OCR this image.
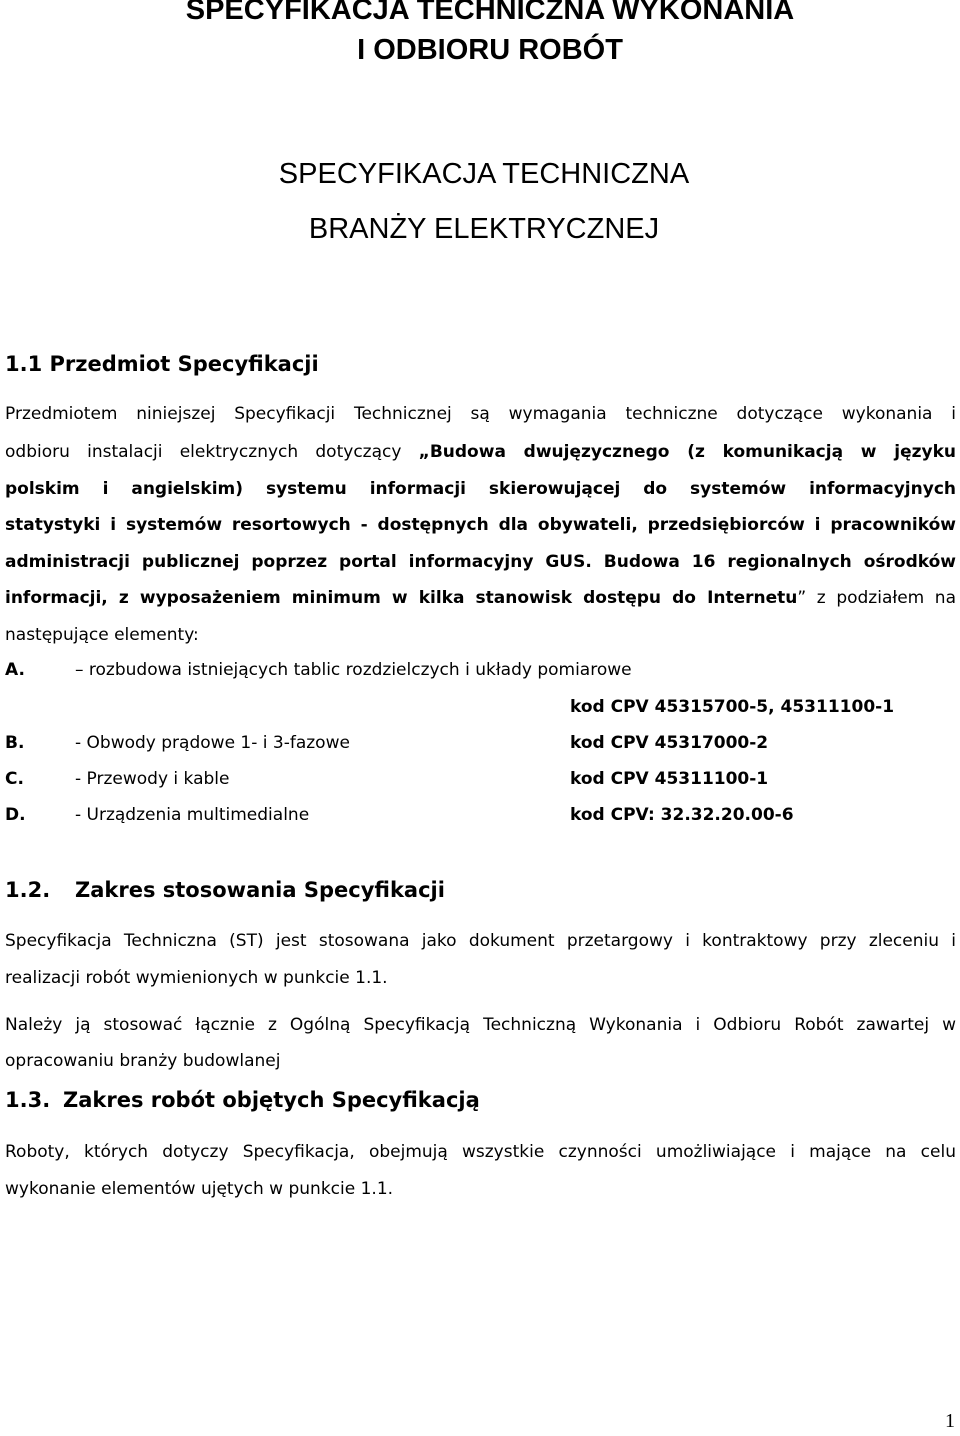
SPECYFIKACJA TECHNICZNA WYKONANIA
I ODBIORU ROBÓT
SPECYFIKACJA TECHNICZNA
BRANŻY ELEKTRYCZNEJ
1.1 Przedmiot Specyfikacji
Przedmiotem niniejszej Specyfikacji Technicznej są wymagania techniczne dotyczące wykonania i
odbioru instalacji elektrycznych dotyczący „Budowa dwujęzycznego (z komunikacją w języku
polskim i angielskim) systemu informacji skierowującej do systemów informacyjnych
statystyki i systemów resortowych - dostępnych dla obywateli, przedsiębiorców i pracowników
administracji publicznej poprzez portal informacyjny GUS. Budowa 16 regionalnych ośrodków
informacji, z wyposażeniem minimum w kilka stanowisk dostępu do Internetu” z podziałem na
następujące elementy:
A.	– rozbudowa istniejących tablic rozdzielczych i układy pomiarowe
kod CPV 45315700-5, 45311100-1
B.	- Obwody prądowe 1- i 3-fazowe	kod CPV 45317000-2
C.	- Przewody i kable	kod CPV 45311100-1
D.	- Urządzenia multimedialne	kod CPV: 32.32.20.00-6
1.2. Zakres stosowania Specyfikacji
Specyfikacja Techniczna (ST) jest stosowana jako dokument przetargowy i kontraktowy przy zleceniu i
realizacji robót wymienionych w punkcie 1.1.
Należy ją stosować łącznie z Ogólną Specyfikacją Techniczną Wykonania i Odbioru Robót zawartej w
opracowaniu branży budowlanej
1.3. Zakres robót objętych Specyfikacją
Roboty, których dotyczy Specyfikacja, obejmują wszystkie czynności umożliwiające i mające na celu
wykonanie elementów ujętych w punkcie 1.1.
1
